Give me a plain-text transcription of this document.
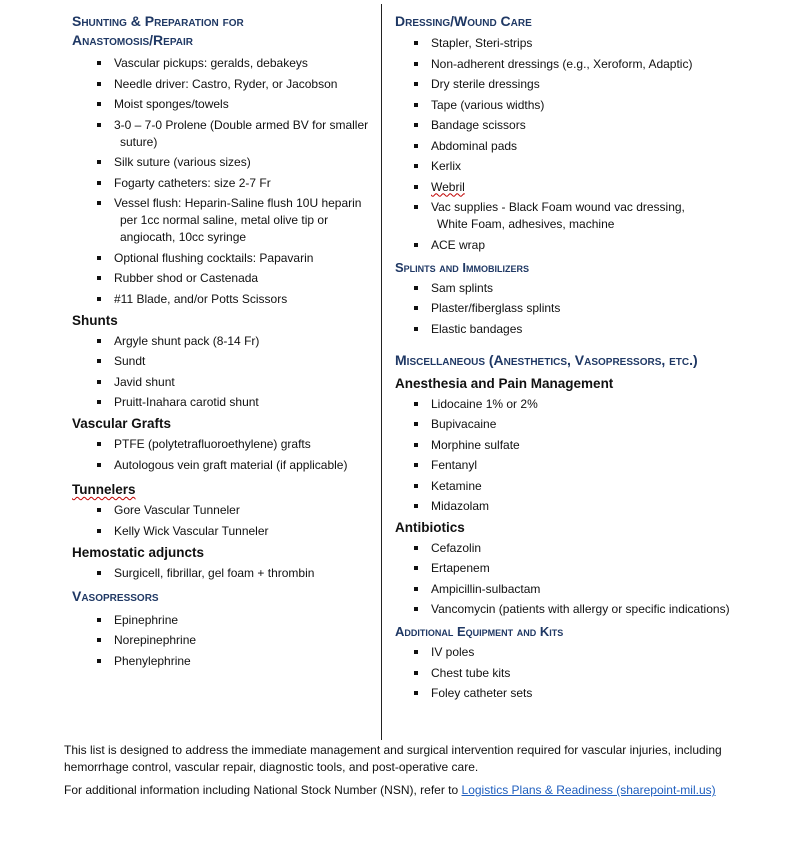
Shunting & Preparation for
Anastomosis/Repair
Vascular pickups: geralds, debakeys
Needle driver: Castro, Ryder, or Jacobson
Moist sponges/towels
3-0 – 7-0 Prolene (Double armed BV for smaller
suture)
Silk suture (various sizes)
Fogarty catheters: size 2-7 Fr
Vessel flush: Heparin-Saline flush 10U heparin
per 1cc normal saline, metal olive tip or
angiocath, 10cc syringe
Optional flushing cocktails: Papavarin
Rubber shod or Castenada
#11 Blade, and/or Potts Scissors
Shunts
Argyle shunt pack (8-14 Fr)
Sundt
Javid shunt
Pruitt-Inahara carotid shunt
Vascular Grafts
PTFE (polytetrafluoroethylene) grafts
Autologous vein graft material (if applicable)
Tunnelers
Gore Vascular Tunneler
Kelly Wick Vascular Tunneler
Hemostatic adjuncts
Surgicell, fibrillar, gel foam + thrombin
Vasopressors
Epinephrine
Norepinephrine
Phenylephrine
Dressing/Wound Care
Stapler, Steri-strips
Non-adherent dressings (e.g., Xeroform, Adaptic)
Dry sterile dressings
Tape (various widths)
Bandage scissors
Abdominal pads
Kerlix
Webril
Vac supplies - Black Foam wound vac dressing,
White Foam, adhesives, machine
ACE wrap
Splints and Immobilizers
Sam splints
Plaster/fiberglass splints
Elastic bandages
Miscellaneous (Anesthetics, Vasopressors, etc.)
Anesthesia and Pain Management
Lidocaine 1% or 2%
Bupivacaine
Morphine sulfate
Fentanyl
Ketamine
Midazolam
Antibiotics
Cefazolin
Ertapenem
Ampicillin-sulbactam
Vancomycin (patients with allergy or specific indications)
Additional Equipment and Kits
IV poles
Chest tube kits
Foley catheter sets
This list is designed to address the immediate management and surgical intervention required for vascular injuries, including hemorrhage control, vascular repair, diagnostic tools, and post-operative care.
For additional information including National Stock Number (NSN), refer to Logistics Plans & Readiness (sharepoint-mil.us)
